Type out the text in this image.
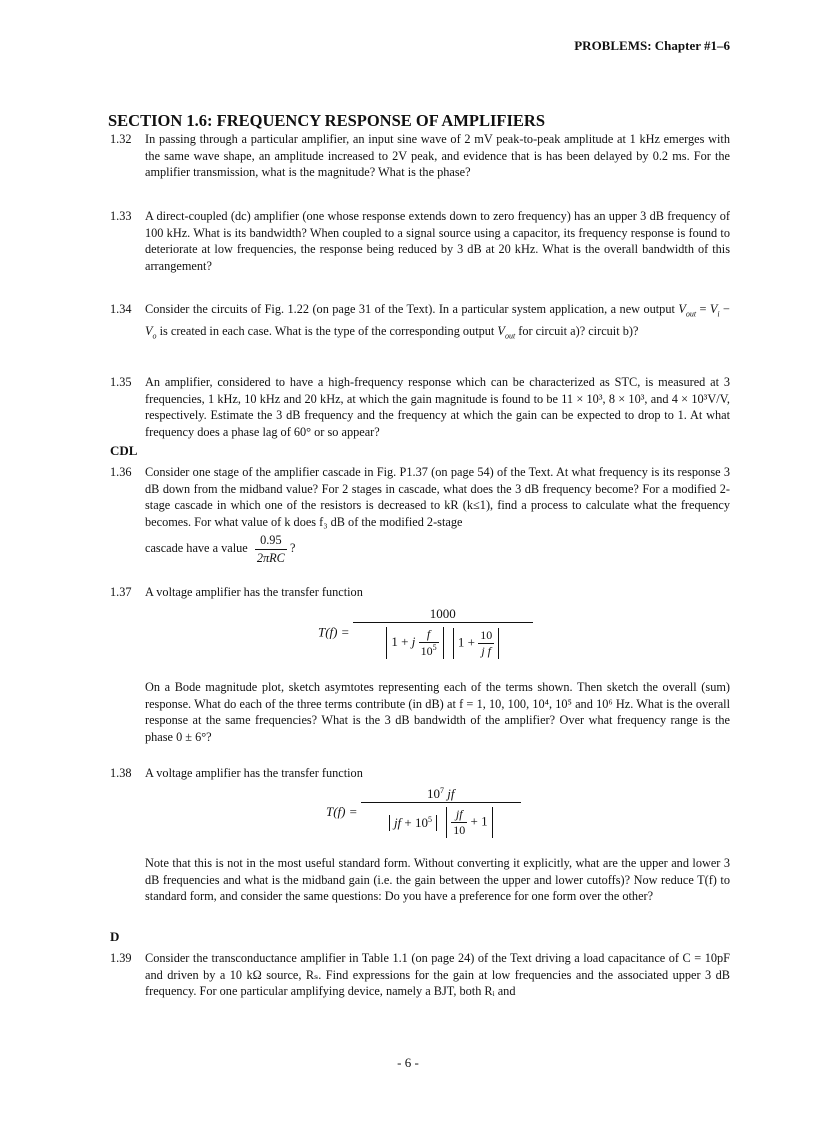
PROBLEMS: Chapter #1–6
SECTION 1.6: FREQUENCY RESPONSE OF AMPLIFIERS
1.32 In passing through a particular amplifier, an input sine wave of 2 mV peak-to-peak amplitude at 1 kHz emerges with the same wave shape, an amplitude increased to 2V peak, and evidence that is has been delayed by 0.2 ms. For the amplifier transmission, what is the magnitude? What is the phase?
1.33 A direct-coupled (dc) amplifier (one whose response extends down to zero frequency) has an upper 3 dB frequency of 100 kHz. What is its bandwidth? When coupled to a signal source using a capacitor, its frequency response is found to deteriorate at low frequencies, the response being reduced by 3 dB at 20 kHz. What is the overall bandwidth of this arrangement?
1.34 Consider the circuits of Fig. 1.22 (on page 31 of the Text). In a particular system application, a new output $V_{out} = V_i - V_o$ is created in each case. What is the type of the corresponding output $V_{out}$ for circuit a)? circuit b)?
1.35 An amplifier, considered to have a high-frequency response which can be characterized as STC, is measured at 3 frequencies, 1 kHz, 10 kHz and 20 kHz, at which the gain magnitude is found to be 11 × 10³, 8 × 10³, and 4 × 10³V/V, respectively. Estimate the 3 dB frequency and the frequency at which the gain can be expected to drop to 1. At what frequency does a phase lag of 60° or so appear?
CDL
1.36 Consider one stage of the amplifier cascade in Fig. P1.37 (on page 54) of the Text. At what frequency is its response 3 dB down from the midband value? For 2 stages in cascade, what does the 3 dB frequency become? For a modified 2-stage cascade in which one of the resistors is decreased to kR (k≤1), find a process to calculate what the frequency becomes. For what value of k does f₃ dB of the modified 2-stage
cascade have a value $\frac{0.95}{\text{2πRC}}$ ?
1.37 A voltage amplifier has the transfer function
$T(f) = \frac{1000}{1 + j \frac{f}{10^5} 1 + \frac{10}{\text{j f}}}$
On a Bode magnitude plot, sketch asymtotes representing each of the terms shown. Then sketch the overall (sum) response. What do each of the three terms contribute (in dB) at f = 1, 10, 100, 10⁴, 10⁵ and 10⁶ Hz. What is the overall response at the same frequencies? What is the 3 dB bandwidth of the amplifier? Over what frequency range is the phase 0 ± 6°?
1.38 A voltage amplifier has the transfer function
$T(f) = \frac{10^7 jf}{jf + 10^5 \frac{jf}{10} + 1}$
Note that this is not in the most useful standard form. Without converting it explicitly, what are the upper and lower 3 dB frequencies and what is the midband gain (i.e. the gain between the upper and lower cutoffs)? Now reduce T(f) to standard form, and consider the same questions: Do you have a preference for one form over the other?
D
1.39 Consider the transconductance amplifier in Table 1.1 (on page 24) of the Text driving a load capacitance of C = 10pF and driven by a 10 kΩ source, Rₛ. Find expressions for the gain at low frequencies and the associated upper 3 dB frequency. For one particular amplifying device, namely a BJT, both Rᵢ and
- 6 -
